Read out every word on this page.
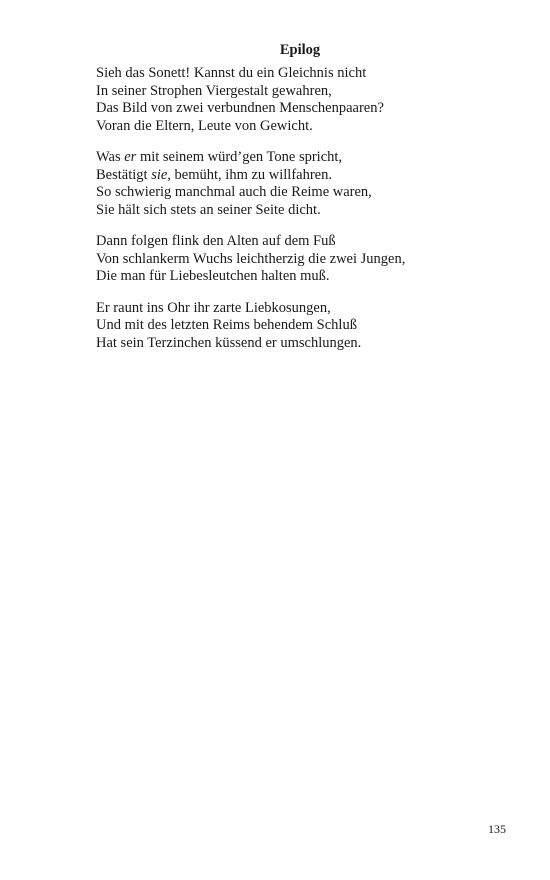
Epilog
Sieh das Sonett! Kannst du ein Gleichnis nicht
In seiner Strophen Viergestalt gewahren,
Das Bild von zwei verbundnen Menschenpaaren?
Voran die Eltern, Leute von Gewicht.
Was er mit seinem würd’gen Tone spricht,
Bestätigt sie, bemüht, ihm zu willfahren.
So schwierig manchmal auch die Reime waren,
Sie hält sich stets an seiner Seite dicht.
Dann folgen flink den Alten auf dem Fuß
Von schlankerm Wuchs leichtherzig die zwei Jungen,
Die man für Liebesleutchen halten muß.
Er raunt ins Ohr ihr zarte Liebkosungen,
Und mit des letzten Reims behendem Schluß
Hat sein Terzinchen küssend er umschlungen.
135
